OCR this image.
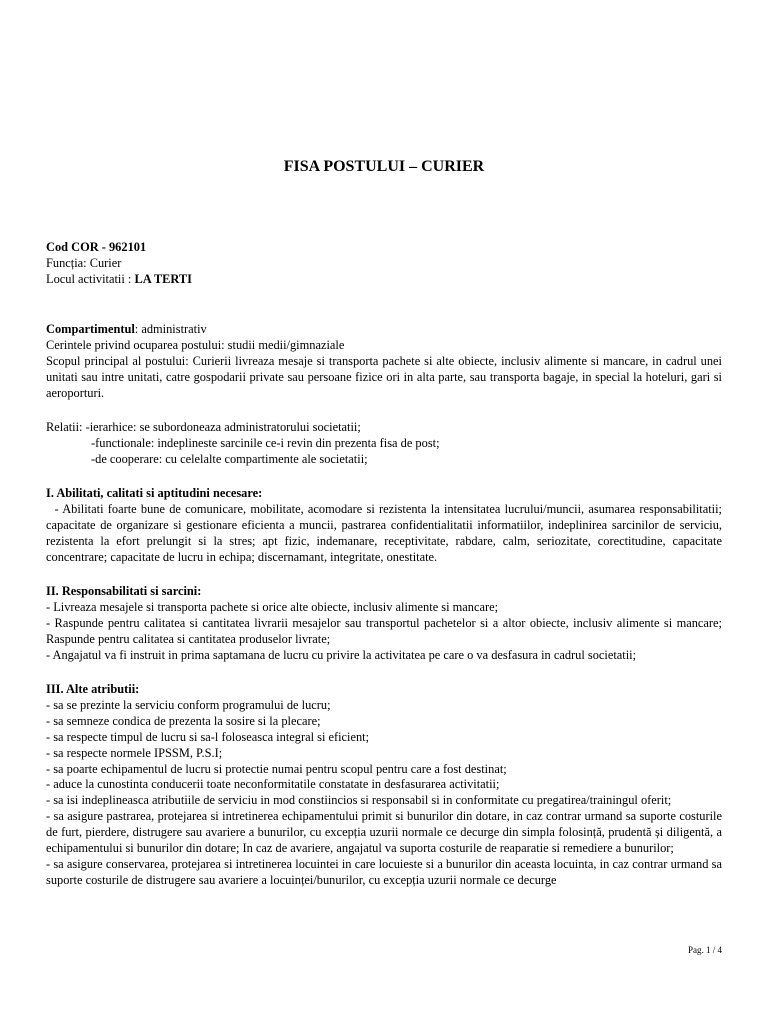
FISA POSTULUI – CURIER
Cod COR - 962101
Funcția: Curier
Locul activitatii : LA TERTI
Compartimentul: administrativ
Cerintele privind ocuparea postului: studii medii/gimnaziale
Scopul principal al postului: Curierii livreaza mesaje si transporta pachete si alte obiecte, inclusiv alimente si mancare, in cadrul unei unitati sau intre unitati, catre gospodarii private sau persoane fizice ori in alta parte, sau transporta bagaje, in special la hoteluri, gari si aeroporturi.
Relatii: -ierarhice: se subordoneaza administratorului societatii;
-functionale: indeplineste sarcinile ce-i revin din prezenta fisa de post;
-de cooperare: cu celelalte compartimente ale societatii;
I. Abilitati, calitati si aptitudini necesare:
- Abilitati foarte bune de comunicare, mobilitate, acomodare si rezistenta la intensitatea lucrului/muncii, asumarea responsabilitatii; capacitate de organizare si gestionare eficienta a muncii, pastrarea confidentialitatii informatiilor, indeplinirea sarcinilor de serviciu, rezistenta la efort prelungit si la stres; apt fizic, indemanare, receptivitate, rabdare, calm, seriozitate, corectitudine, capacitate concentrare; capacitate de lucru in echipa; discernamant, integritate, onestitate.
II. Responsabilitati si sarcini:
- Livreaza mesajele si transporta pachete si orice alte obiecte, inclusiv alimente si mancare;
- Raspunde pentru calitatea si cantitatea livrarii mesajelor sau transportul pachetelor si a altor obiecte, inclusiv alimente si mancare; Raspunde pentru calitatea si cantitatea produselor livrate;
- Angajatul va fi instruit in prima saptamana de lucru cu privire la activitatea pe care o va desfasura in cadrul societatii;
III. Alte atributii:
- sa se prezinte la serviciu conform programului de lucru;
- sa semneze condica de prezenta la sosire si la plecare;
- sa respecte timpul de lucru si sa-l foloseasca integral si eficient;
- sa respecte normele IPSSM, P.S.I;
- sa poarte echipamentul de lucru si protectie numai pentru scopul pentru care a fost destinat;
- aduce la cunostinta conducerii toate neconformitatile constatate in desfasurarea activitatii;
- sa isi indeplineasca atributiile de serviciu in mod constiincios si responsabil si in conformitate cu pregatirea/trainingul oferit;
- sa asigure pastrarea, protejarea si intretinerea echipamentului primit si bunurilor din dotare, in caz contrar urmand sa suporte costurile de furt, pierdere, distrugere sau avariere a bunurilor, cu excepția uzurii normale ce decurge din simpla folosință, prudentă și diligentă, a echipamentului si bunurilor din dotare; In caz de avariere, angajatul va suporta costurile de reaparatie si remediere a bunurilor;
- sa asigure conservarea, protejarea si intretinerea locuintei in care locuieste si a bunurilor din aceasta locuinta, in caz contrar urmand sa suporte costurile de distrugere sau avariere a locuinței/bunurilor, cu excepția uzurii normale ce decurge
Pag. 1 / 4
